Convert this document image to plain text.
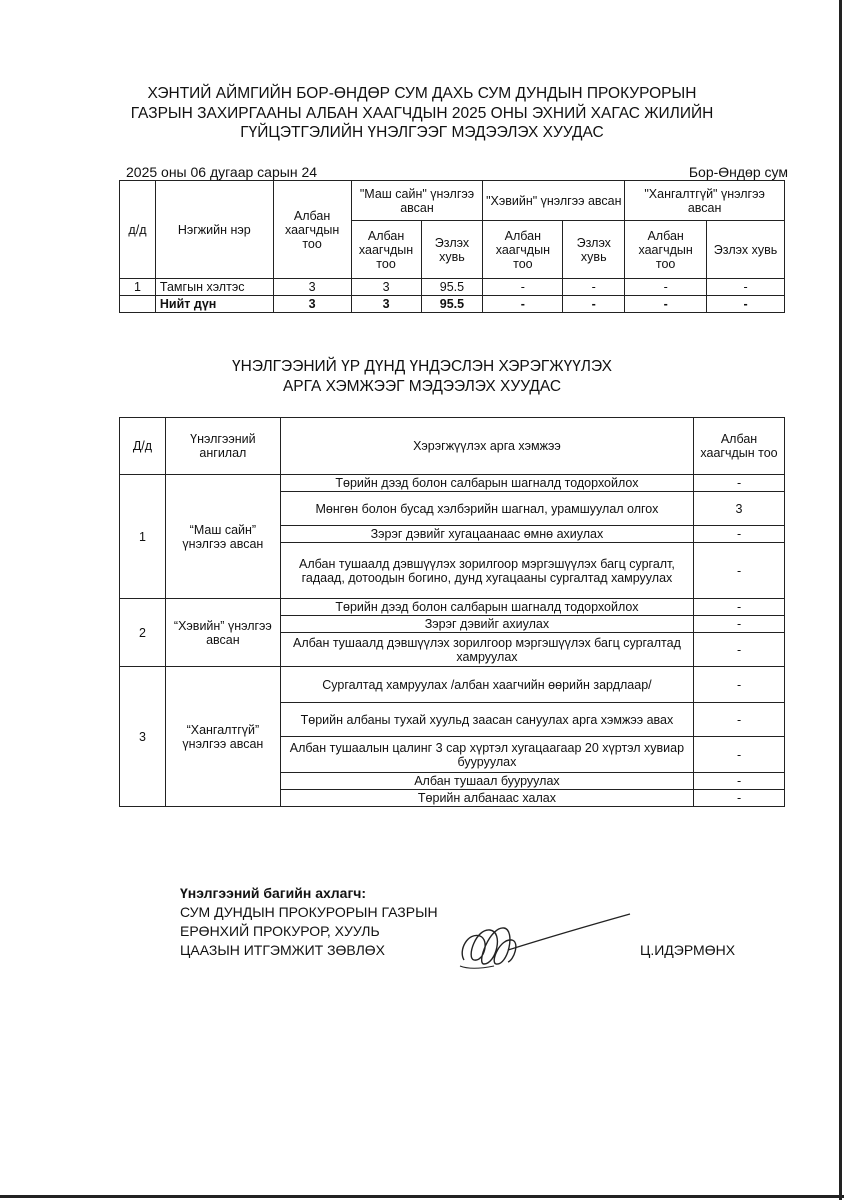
ХЭНТИЙ АЙМГИЙН БОР-ӨНДӨР СУМ ДАХЬ СУМ ДУНДЫН ПРОКУРОРЫН
ГАЗРЫН ЗАХИРГААНЫ АЛБАН ХААГЧДЫН 2025 ОНЫ ЭХНИЙ ХАГАС ЖИЛИЙН
ГҮЙЦЭТГЭЛИЙН ҮНЭЛГЭЭГ МЭДЭЭЛЭХ ХУУДАС
2025 оны 06 дугаар сарын 24	Бор-Өндөр сум
д/д	Нэгжийн нэр	Албан хаагчдын тоо	"Маш сайн" үнэлгээ авсан		"Хэвийн" үнэлгээ авсан		"Хангалтгүй" үнэлгээ авсан	
			Албан хаагчдын тоо	Эзлэх хувь	Албан хаагчдын тоо	Эзлэх хувь	Албан хаагчдын тоо	Эзлэх хувь
1	Тамгын хэлтэс	3	3	95.5	-	-	-	-
	Нийт дүн	3	3	95.5	-	-	-	-
ҮНЭЛГЭЭНИЙ ҮР ДҮНД ҮНДЭСЛЭН ХЭРЭГЖҮҮЛЭХ
АРГА ХЭМЖЭЭГ МЭДЭЭЛЭХ ХУУДАС
Д/д	Үнэлгээний ангилал	Хэрэгжүүлэх арга хэмжээ	Албан хаагчдын тоо
1	“Маш сайн” үнэлгээ авсан	Төрийн дээд болон салбарын шагналд тодорхойлох	-
		Мөнгөн болон бусад хэлбэрийн шагнал, урамшуулал олгох	3
		Зэрэг дэвийг хугацаанаас өмнө ахиулах	-
		Албан тушаалд дэвшүүлэх зорилгоор мэргэшүүлэх багц сургалт, гадаад, дотоодын богино, дунд хугацааны сургалтад хамруулах	-
2	“Хэвийн” үнэлгээ авсан	Төрийн дээд болон салбарын шагналд тодорхойлох	-
		Зэрэг дэвийг ахиулах	-
		Албан тушаалд дэвшүүлэх зорилгоор мэргэшүүлэх багц сургалтад хамруулах	-
3	“Хангалтгүй” үнэлгээ авсан	Сургалтад хамруулах /албан хаагчийн өөрийн зардлаар/	-
		Төрийн албаны тухай хуульд заасан сануулах арга хэмжээ авах	-
		Албан тушаалын цалинг 3 сар хүртэл хугацаагаар 20 хүртэл хувиар бууруулах	-
		Албан тушаал бууруулах	-
		Төрийн албанаас халах	-
Үнэлгээний багийн ахлагч:
СУМ ДУНДЫН ПРОКУРОРЫН ГАЗРЫН
ЕРӨНХИЙ ПРОКУРОР, ХУУЛЬ
ЦААЗЫН ИТГЭМЖИТ ЗӨВЛӨХ	Ц.ИДЭРМӨНХ
